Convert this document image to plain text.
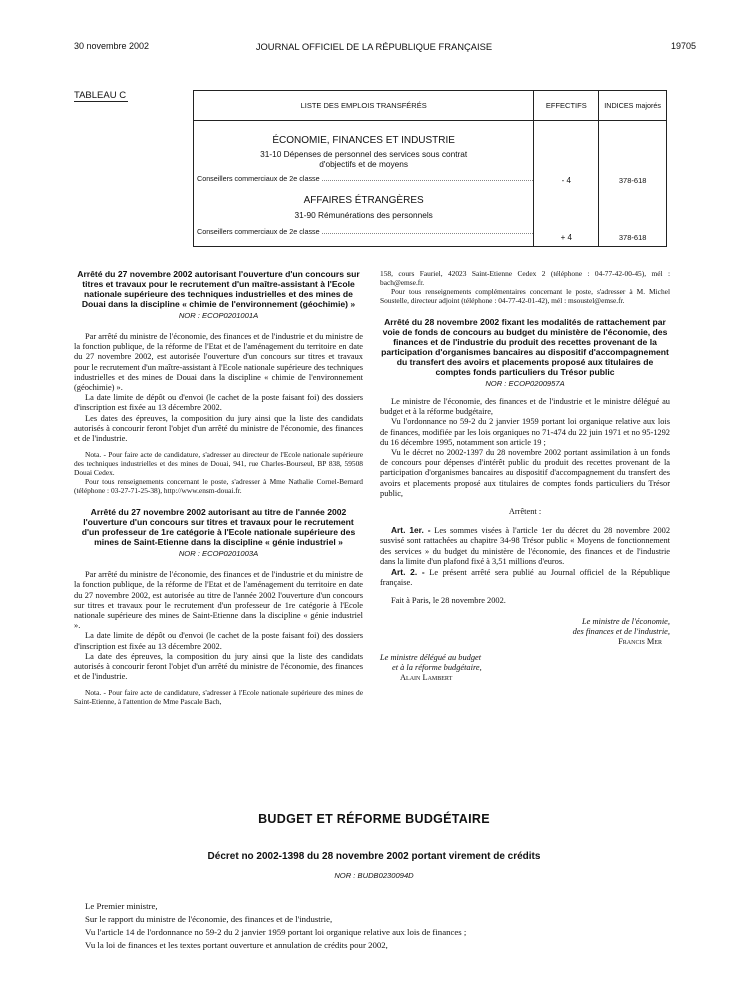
30 novembre 2002	JOURNAL OFFICIEL DE LA RÉPUBLIQUE FRANÇAISE	19705
TABLEAU C
LISTE DES EMPLOIS TRANSFÉRÉS	EFFECTIFS	INDICES majorés

ÉCONOMIE, FINANCES ET INDUSTRIE
31-10 Dépenses de personnel des services sous contrat d'objectifs et de moyens
Conseillers commerciaux de 2e classe ..........................................................................................................	- 4	378-618

AFFAIRES ÉTRANGÈRES
31-90 Rémunérations des personnels
Conseillers commerciaux de 2e classe ..........................................................................................................	+ 4	378-618

Arrêté du 27 novembre 2002 autorisant l'ouverture d'un concours sur titres et travaux pour le recrutement d'un maître-assistant à l'Ecole nationale supérieure des techniques industrielles et des mines de Douai dans la discipline « chimie de l'environnement (géochimie) »

NOR : ECOP0201001A

Par arrêté du ministre de l'économie, des finances et de l'industrie et du ministre de la fonction publique, de la réforme de l'Etat et de l'aménagement du territoire en date du 27 novembre 2002, est autorisée l'ouverture d'un concours sur titres et travaux pour le recrutement d'un maître-assistant à l'Ecole nationale supérieure des techniques industrielles et des mines de Douai dans la discipline « chimie de l'environnement (géochimie) ».

La date limite de dépôt ou d'envoi (le cachet de la poste faisant foi) des dossiers d'inscription est fixée au 13 décembre 2002.

Les dates des épreuves, la composition du jury ainsi que la liste des candidats autorisés à concourir feront l'objet d'un arrêté du ministre de l'économie, des finances et de l'industrie.

Nota. - Pour faire acte de candidature, s'adresser au directeur de l'Ecole nationale supérieure des techniques industrielles et des mines de Douai, 941, rue Charles-Bourseul, BP 838, 59508 Douai Cedex.

Pour tous renseignements concernant le poste, s'adresser à Mme Nathalie Cornel-Bernard (téléphone : 03-27-71-25-38), http://www.ensm-douai.fr.

Arrêté du 27 novembre 2002 autorisant au titre de l'année 2002 l'ouverture d'un concours sur titres et travaux pour le recrutement d'un professeur de 1re catégorie à l'Ecole nationale supérieure des mines de Saint-Etienne dans la discipline « génie industriel »

NOR : ECOP0201003A

Par arrêté du ministre de l'économie, des finances et de l'industrie et du ministre de la fonction publique, de la réforme de l'Etat et de l'aménagement du territoire en date du 27 novembre 2002, est autorisée au titre de l'année 2002 l'ouverture d'un concours sur titres et travaux pour le recrutement d'un professeur de 1re catégorie à l'Ecole nationale supérieure des mines de Saint-Etienne dans la discipline « génie industriel ».

La date limite de dépôt ou d'envoi (le cachet de la poste faisant foi) des dossiers d'inscription est fixée au 13 décembre 2002.

La date des épreuves, la composition du jury ainsi que la liste des candidats autorisés à concourir feront l'objet d'un arrêté du ministre de l'économie, des finances et de l'industrie.

Nota. - Pour faire acte de candidature, s'adresser à l'Ecole nationale supérieure des mines de Saint-Etienne, à l'attention de Mme Pascale Bach,

158, cours Fauriel, 42023 Saint-Etienne Cedex 2 (téléphone : 04-77-42-00-45), mél : bach@emse.fr.

Pour tous renseignements complémentaires concernant le poste, s'adresser à M. Michel Soustelle, directeur adjoint (téléphone : 04-77-42-01-42), mél : msoustel@emse.fr.

Arrêté du 28 novembre 2002 fixant les modalités de rattachement par voie de fonds de concours au budget du ministère de l'économie, des finances et de l'industrie du produit des recettes provenant de la participation d'organismes bancaires au dispositif d'accompagnement du transfert des avoirs et placements proposé aux titulaires de comptes fonds particuliers du Trésor public

NOR : ECOP0200957A

Le ministre de l'économie, des finances et de l'industrie et le ministre délégué au budget et à la réforme budgétaire,

Vu l'ordonnance no 59-2 du 2 janvier 1959 portant loi organique relative aux lois de finances, modifiée par les lois organiques no 71-474 du 22 juin 1971 et no 95-1292 du 16 décembre 1995, notamment son article 19 ;

Vu le décret no 2002-1397 du 28 novembre 2002 portant assimilation à un fonds de concours pour dépenses d'intérêt public du produit des recettes provenant de la participation d'organismes bancaires au dispositif d'accompagnement du transfert des avoirs et placements proposé aux titulaires de comptes fonds particuliers du Trésor public,

Arrêtent :

Art. 1er. - Les sommes visées à l'article 1er du décret du 28 novembre 2002 susvisé sont rattachées au chapitre 34-98 Trésor public « Moyens de fonctionnement des services » du budget du ministère de l'économie, des finances et de l'industrie dans la limite d'un plafond fixé à 3,51 millions d'euros.

Art. 2. - Le présent arrêté sera publié au Journal officiel de la République française.

Fait à Paris, le 28 novembre 2002.

Le ministre de l'économie,

des finances et de l'industrie,

Francis Mer

Le ministre délégué au budget

et à la réforme budgétaire,

Alain Lambert

BUDGET ET RÉFORME BUDGÉTAIRE
Décret no 2002-1398 du 28 novembre 2002 portant virement de crédits
NOR : BUDB0230094D

Le Premier ministre,

Sur le rapport du ministre de l'économie, des finances et de l'industrie,

Vu l'article 14 de l'ordonnance no 59-2 du 2 janvier 1959 portant loi organique relative aux lois de finances ;

Vu la loi de finances et les textes portant ouverture et annulation de crédits pour 2002,
